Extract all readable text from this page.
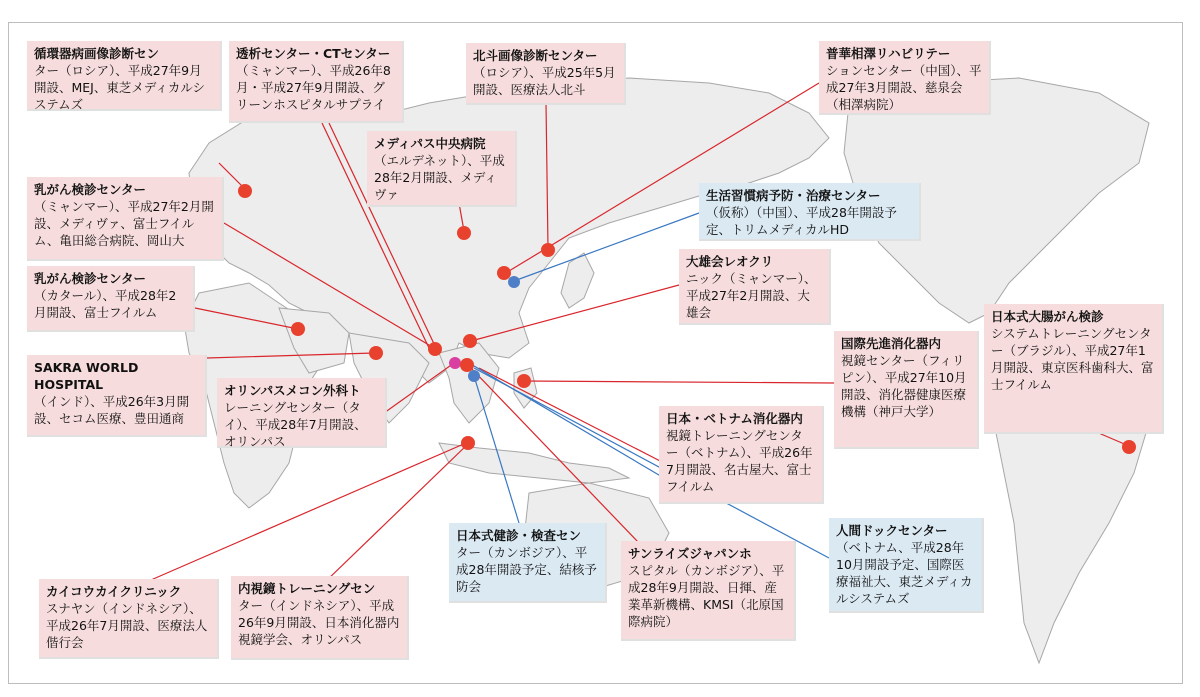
循環器病画像診断セン
ター（ロシア）、平成27年9月開設、MEJ、東芝メディカルシステムズ
透析センター・CTセンター
（ミャンマー）、平成26年8月・平成27年9月開設、グリーンホスピタルサプライ
北斗画像診断センター
（ロシア）、平成25年5月開設、医療法人北斗
普華相澤リハビリテー
ションセンター（中国）、平成27年3月開設、慈泉会（相澤病院）
メディパス中央病院
（エルデネット）、平成28年2月開設、メディヴァ	生活習慣病予防・治療センター
（仮称）（中国）、平成28年開設予定、トリムメディカルHD
乳がん検診センター
（ミャンマー）、平成27年2月開設、メディヴァ、富士フイルム、亀田総合病院、岡山大
乳がん検診センター
（カタール）、平成28年2月開設、富士フイルム
大雄会レオクリ
ニック（ミャンマー）、平成27年2月開設、大雄会
SAKRA WORLD HOSPITAL
（インド）、平成26年3月開設、セコム医療、豊田通商
オリンパスメコン外科ト
レーニングセンター（タイ）、平成28年7月開設、オリンパス
国際先進消化器内
視鏡センター（フィリピン）、平成27年10月開設、消化器健康医療機構（神戸大学）
日本式大腸がん検診
システムトレーニングセンター（ブラジル）、平成27年1月開設、東京医科歯科大、富士フイルム
日本・ベトナム消化器内
視鏡トレーニングセンター（ベトナム）、平成26年7月開設、名古屋大、富士フイルム
日本式健診・検査セン
ター（カンボジア）、平成28年開設予定、結核予防会
人間ドックセンター
（ベトナム、平成28年10月開設予定、国際医療福祉大、東芝メディカルシステムズ
カイコウカイクリニック
スナヤン（インドネシア）、平成26年7月開設、医療法人偕行会
内視鏡トレーニングセン
ター（インドネシア）、平成26年9月開設、日本消化器内視鏡学会、オリンパス
サンライズジャパンホ
スピタル（カンボジア）、平成28年9月開設、日揮、産業革新機構、KMSI（北原国際病院）
